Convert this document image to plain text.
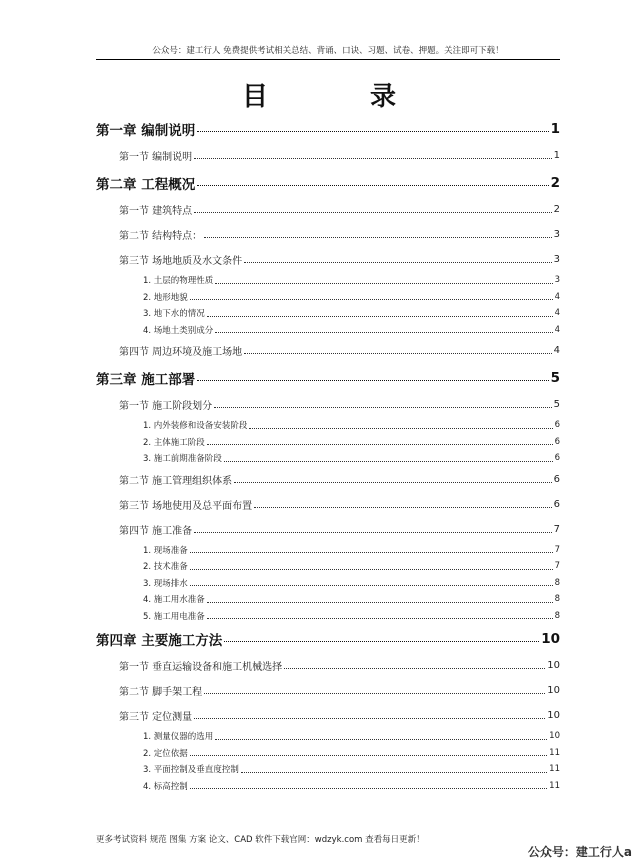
公众号：建工行人 免费提供考试相关总结、背诵、口诀、习题、试卷、押题。关注即可下载！
目　录
第一章 编制说明	1
第一节 编制说明	1
第二章 工程概况	2
第一节 建筑特点	2
第二节 结构特点：	3
第三节 场地地质及水文条件	3
1. 土层的物理性质	3
2. 地形地貌	4
3. 地下水的情况	4
4. 场地土类别成分	4
第四节 周边环境及施工场地	4
第三章 施工部署	5
第一节 施工阶段划分	5
1. 内外装修和设备安装阶段	6
2. 主体施工阶段	6
3. 施工前期准备阶段	6
第二节 施工管理组织体系	6
第三节 场地使用及总平面布置	6
第四节 施工准备	7
1. 现场准备	7
2. 技术准备	7
3. 现场排水	8
4. 施工用水准备	8
5. 施工用电准备	8
第四章 主要施工方法	10
第一节 垂直运输设备和施工机械选择	10
第二节 脚手架工程	10
第三节 定位测量	10
1. 测量仪器的选用	10
2. 定位依据	11
3. 平面控制及垂直度控制	11
4. 标高控制	11
更多考试资料 规范 图集 方案 论文、CAD 软件下载官网：wdzyk.com 查看每日更新！
公众号：建工行人a
